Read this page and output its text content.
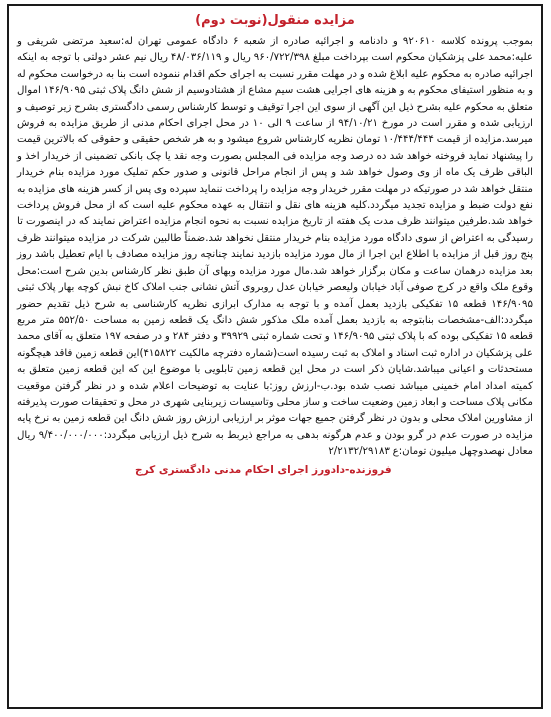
مزایده منقول(نوبت دوم)

بموجب پرونده کلاسه ۹۲۰۶۱۰ و دادنامه و اجرائیه صادره از شعبه ۶ دادگاه عمومی تهران له:سعید مرتضی شریفی و علیه:محمد علی پزشکیان محکوم است بپرداخت مبلغ ۹۶۰/۷۲۲/۳۹۸ ریال و ۴۸/۰۳۶/۱۱۹ ریال نیم عشر دولتی با توجه به اینکه اجرائیه صادره به محکوم علیه ابلاغ شده و در مهلت مقرر نسبت به اجرای حکم اقدام ننموده است بنا به درخواست محکوم له و به منظور استیفای محکوم به و هزینه های اجرایی هشت سیم مشاع از هشتادوسیم از شش دانگ پلاک ثبتی ۱۴۶/۹۰۹۵ اموال متعلق به محکوم علیه بشرح ذیل این آگهی از سوی این اجرا توقیف و توسط کارشناس رسمی دادگستری بشرح زیر توصیف و ارزیابی شده و مقرر است در مورخ ۹۴/۱۰/۲۱ از ساعت ۹ الی ۱۰ در محل اجرای احکام مدنی از طریق مزایده به فروش میرسد.مزایده از قیمت ۱۰/۴۴۴/۴۴۴ تومان نظریه کارشناس شروع میشود و به هر شخص حقیقی و حقوقی که بالاترین قیمت را پیشنهاد نماید فروخته خواهد شد ده درصد وجه مزایده فی المجلس بصورت وجه نقد یا چک بانکی تضمینی از خریدار اخذ و الباقی ظرف یک ماه از وی وصول خواهد شد و پس از انجام مراحل قانونی و صدور حکم تملیک مورد مزایده بنام خریدار منتقل خواهد شد در صورتیکه در مهلت مقرر خریدار وجه مزایده را پرداخت ننماید سپرده وی پس از کسر هزینه های مزایده به نفع دولت ضبط و مزایده تجدید میگردد.کلیه هزینه های نقل و انتقال به عهده محکوم علیه است که از محل فروش پرداخت خواهد شد.طرفین میتوانند ظرف مدت یک هفته از تاریخ مزایده نسبت به نحوه انجام مزایده اعتراض نمایند که در اینصورت تا رسیدگی به اعتراض از سوی دادگاه مورد مزایده بنام خریدار منتقل نخواهد شد.ضمناً طالبین شرکت در مزایده میتوانند ظرف پنج روز قبل از مزایده با اطلاع این اجرا از مال مورد مزایده بازدید نمایند چنانچه روز مزایده مصادف با ایام تعطیل باشد روز بعد مزایده درهمان ساعت و مکان برگزار خواهد شد.مال مورد مزایده وبهای آن طبق نظر کارشناس بدین شرح است:محل وقوع ملک واقع در کرج صوفی آباد خیابان ولیعصر خیابان عدل روبروی آتش نشانی جنب املاک کاخ نبش کوچه بهار پلاک ثبتی ۱۴۶/۹۰۹۵ قطعه ۱۵ تفکیکی بازدید بعمل آمده و با توجه به مدارک ابرازی نظریه کارشناسی به شرح ذیل تقدیم حضور میگردد:الف-مشخصات بنابتوجه به بازدید بعمل آمده ملک مذکور شش دانگ یک قطعه زمین به مساحت ۵۵۲/۵۰ متر مربع قطعه ۱۵ تفکیکی بوده که با پلاک ثبتی ۱۴۶/۹۰۹۵ و تحت شماره ثبتی ۳۹۹۲۹ و دفتر ۲۸۴ و در صفحه ۱۹۷ متعلق به آقای محمد علی پزشکیان در اداره ثبت اسناد و املاک به ثبت رسیده است(شماره دفترچه مالکیت ۴۱۵۸۲۲)این قطعه زمین فاقد هیچگونه مستحدثات و اعیانی میباشد.شایان ذکر است در محل این قطعه زمین تابلویی با موضوع این که این قطعه زمین متعلق به کمیته امداد امام خمینی میباشد نصب شده بود.ب-ارزش روز:با عنایت به توضیحات اعلام شده و در نظر گرفتن موقعیت مکانی پلاک مساحت و ابعاد زمین وضعیت ساخت و ساز محلی وتاسیسات زیربنایی شهری در محل و تحقیقات صورت پذیرفته از مشاورین املاک محلی و بدون در نظر گرفتن جمیع جهات موثر بر ارزیابی ارزش روز شش دانگ این قطعه زمین به نرخ پایه مزایده در صورت عدم در گرو بودن و عدم هرگونه بدهی به مراجع ذیربط به شرح ذیل ارزیابی میگردد:۹/۴۰۰/۰۰۰/۰۰۰ ریال معادل نهصدوچهل میلیون تومان:ع ۲/۲۱۳۲/۲۹۱۸۳

فروزنده-دادورز اجرای احکام مدنی دادگستری کرج
